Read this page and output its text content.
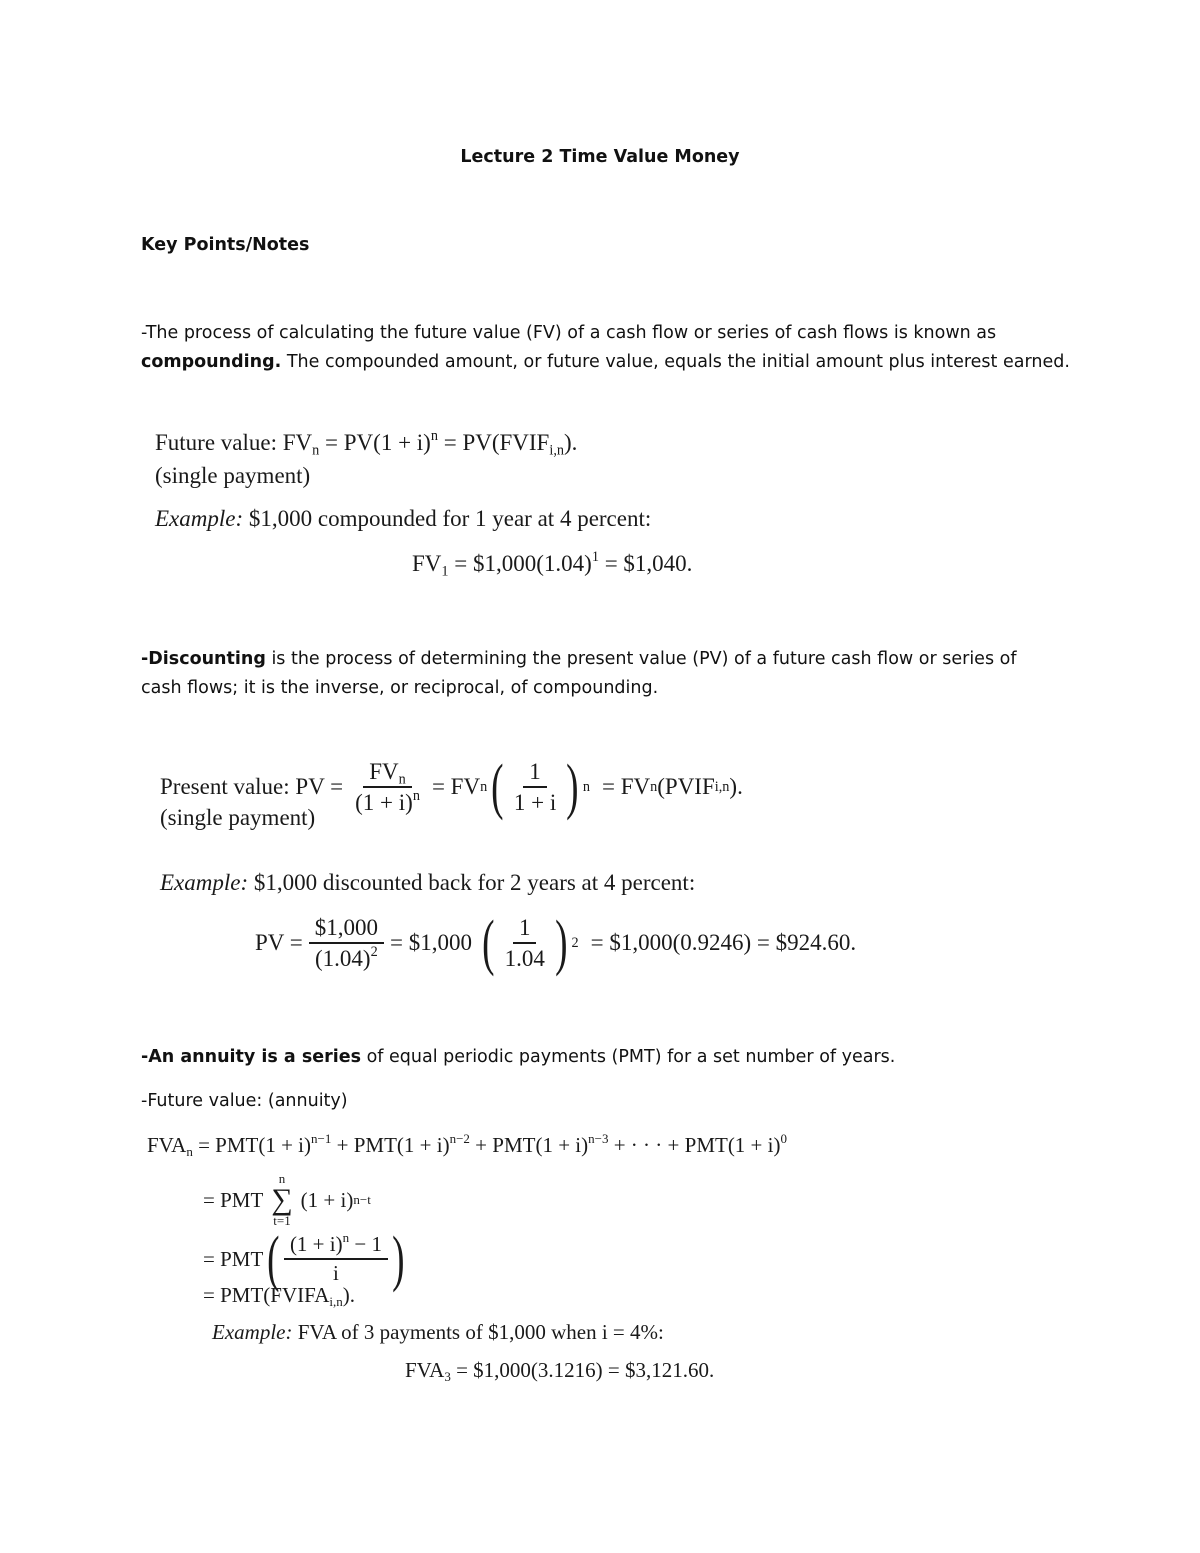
Lecture 2 Time Value Money
Key Points/Notes
-The process of calculating the future value (FV) of a cash flow or series of cash flows is known as
compounding. The compounded amount, or future value, equals the initial amount plus interest earned.
Future value: $FV_n = PV(1 + i)^n$ = $PV(FVIF_{i,n})$.
(single payment)
Example: $1,000 compounded for 1 year at 4 percent:
$FV_1$ = $\$1,000(1.04)^1$ = $1,040.
-Discounting is the process of determining the present value (PV) of a future cash flow or series of cash flows; it is the inverse, or reciprocal, of compounding.
Present value: PV = $\frac{FV_n}{(1 + i)^n}$ = FV n ( $\frac{1}{1 + i}$ ) n = FV n (PVIF i,n ).
(single payment)
Example: $1,000 discounted back for 2 years at 4 percent:
PV = $\frac{\$1,000}{(1.04)^2}$ = $1,000 ( $\frac{1}{1.04}$ ) 2 = $1,000(0.9246) = $924.60.
-An annuity is a series of equal periodic payments (PMT) for a set number of years.
-Future value: (annuity)
$FVA_n = PMT(1 + i)^{n-1} + PMT(1 + i)^{n-2} + PMT(1 + i)^{n-3}$ + · · · + $PMT(1 + i)^0$
= PMT
n
∑
t=1
(1 + i) n−t
= PMT ( $\frac{(1 + i)^n - 1}{i}$ )
= $PMT(FVIFA_{i,n})$.
Example: FVA of 3 payments of $1,000 when i = 4%:
$FVA_3$ = $1,000(3.1216) = $3,121.60.
